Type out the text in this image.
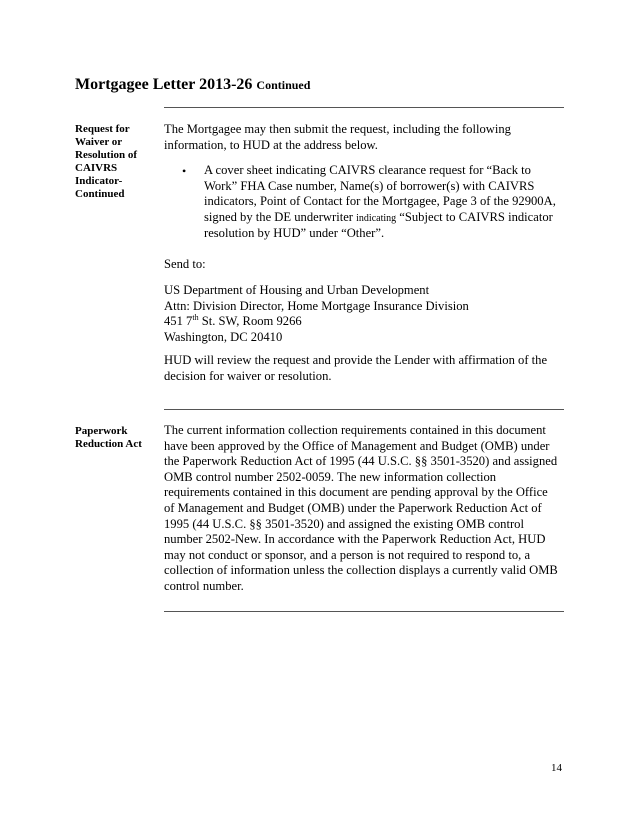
Mortgagee Letter 2013-26 Continued
Request for
Waiver or
Resolution of
CAIVRS
Indicator-
Continued
The Mortgagee may then submit the request, including the following
information, to HUD at the address below.
• A cover sheet indicating CAIVRS clearance request for “Back to
Work” FHA Case number, Name(s) of borrower(s) with CAIVRS
indicators, Point of Contact for the Mortgagee, Page 3 of the 92900A,
signed by the DE underwriter indicating “Subject to CAIVRS indicator
resolution by HUD” under “Other”.
Send to:
US Department of Housing and Urban Development
Attn: Division Director, Home Mortgage Insurance Division
451 7th St. SW, Room 9266
Washington, DC 20410
HUD will review the request and provide the Lender with affirmation of the
decision for waiver or resolution.
Paperwork
Reduction Act
The current information collection requirements contained in this document
have been approved by the Office of Management and Budget (OMB) under
the Paperwork Reduction Act of 1995 (44 U.S.C. §§ 3501-3520) and assigned
OMB control number 2502-0059. The new information collection
requirements contained in this document are pending approval by the Office
of Management and Budget (OMB) under the Paperwork Reduction Act of
1995 (44 U.S.C. §§ 3501-3520) and assigned the existing OMB control
number 2502-New. In accordance with the Paperwork Reduction Act, HUD
may not conduct or sponsor, and a person is not required to respond to, a
collection of information unless the collection displays a currently valid OMB
control number.
14
